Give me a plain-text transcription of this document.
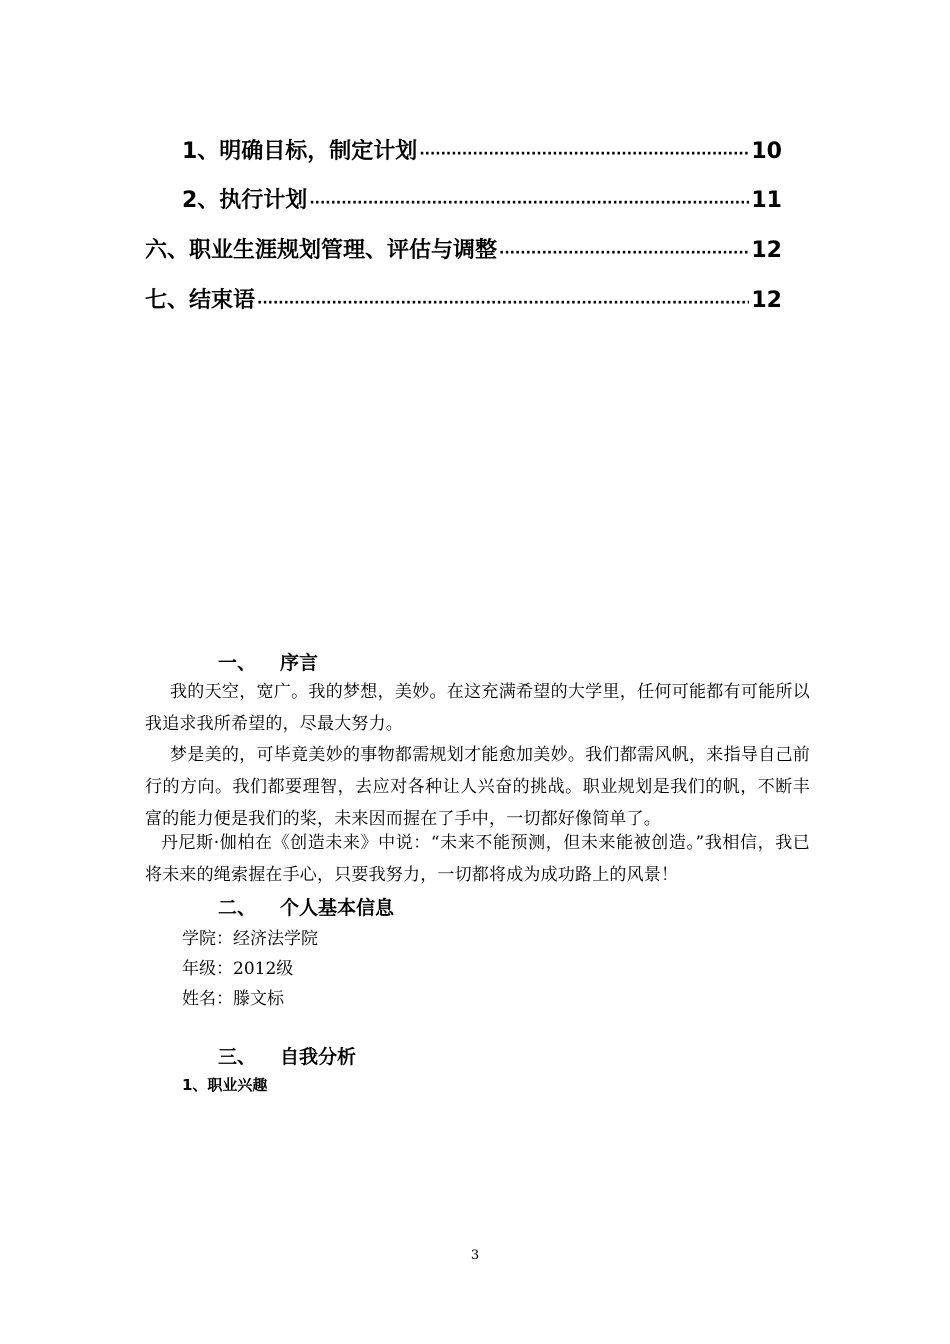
1、明确目标，制定计划 ·····	10
2、执行计划 ·····	11
六、职业生涯规划管理、评估与调整 ·····	12
七、结束语 ·····	12
一、 序言
我的天空，宽广。我的梦想，美妙。在这充满希望的大学里，任何可能都有可能所以我追求我所希望的，尽最大努力。
梦是美的，可毕竟美妙的事物都需规划才能愈加美妙。我们都需风帆，来指导自己前行的方向。我们都要理智，去应对各种让人兴奋的挑战。职业规划是我们的帆，不断丰富的能力便是我们的桨，未来因而握在了手中，一切都好像简单了。
丹尼斯·伽柏在《创造未来》中说：“未来不能预测，但未来能被创造。”我相信，我已将未来的绳索握在手心，只要我努力，一切都将成为成功路上的风景！
二、 个人基本信息
学院：经济法学院
年级：2012级
姓名：滕文标
三、 自我分析
1、职业兴趣
3
